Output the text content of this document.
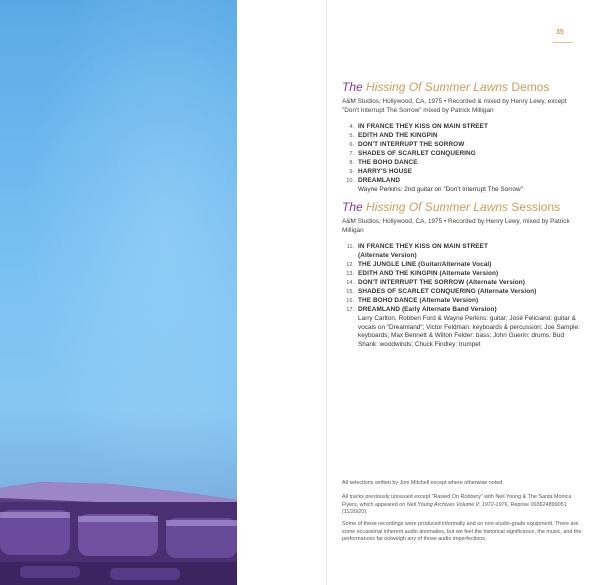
35
The Hissing Of Summer Lawns Demos
A&M Studios, Hollywood, CA, 1975 • Recorded & mixed by Henry Lewy, except "Don't Interrupt The Sorrow" mixed by Patrick Milligan
4. IN FRANCE THEY KISS ON MAIN STREET
5. EDITH AND THE KINGPIN
6. DON'T INTERRUPT THE SORROW
7. SHADES OF SCARLET CONQUERING
8. THE BOHO DANCE
9. HARRY'S HOUSE
10. DREAMLAND
Wayne Perkins: 2nd guitar on "Don't Interrupt The Sorrow"
The Hissing Of Summer Lawns Sessions
A&M Studios, Hollywood, CA, 1975 • Recorded by Henry Lewy, mixed by Patrick Milligan
11. IN FRANCE THEY KISS ON MAIN STREET
(Alternate Version)
12. THE JUNGLE LINE (Guitar/Alternate Vocal)
13. EDITH AND THE KINGPIN (Alternate Version)
14. DON'T INTERRUPT THE SORROW (Alternate Version)
15. SHADES OF SCARLET CONQUERING (Alternate Version)
16. THE BOHO DANCE (Alternate Version)
17. DREAMLAND (Early Alternate Band Version)
Larry Carlton, Robben Ford & Wayne Perkins: guitar; José Feliciano: guitar & vocals on "Dreamland"; Victor Feldman: keyboards & percussion; Joe Sample: keyboards; Max Bennett & Wilton Felder: bass; John Guerin: drums; Bud Shank: woodwinds; Chuck Findley: trumpet
All selections written by Joni Mitchell except where otherwise noted.
All tracks previously unissued except "Raised On Robbery" with Neil Young & The Santa Monica Flyers, which appeared on Neil Young Archives Volume II: 1972-1976, Reprise 093624899051 (11/20/20).
Some of these recordings were produced informally and on non-studio-grade equipment. There are some occasional inherent audio anomalies, but we feel the historical significance, the music, and the performances far outweigh any of those audio imperfections.
